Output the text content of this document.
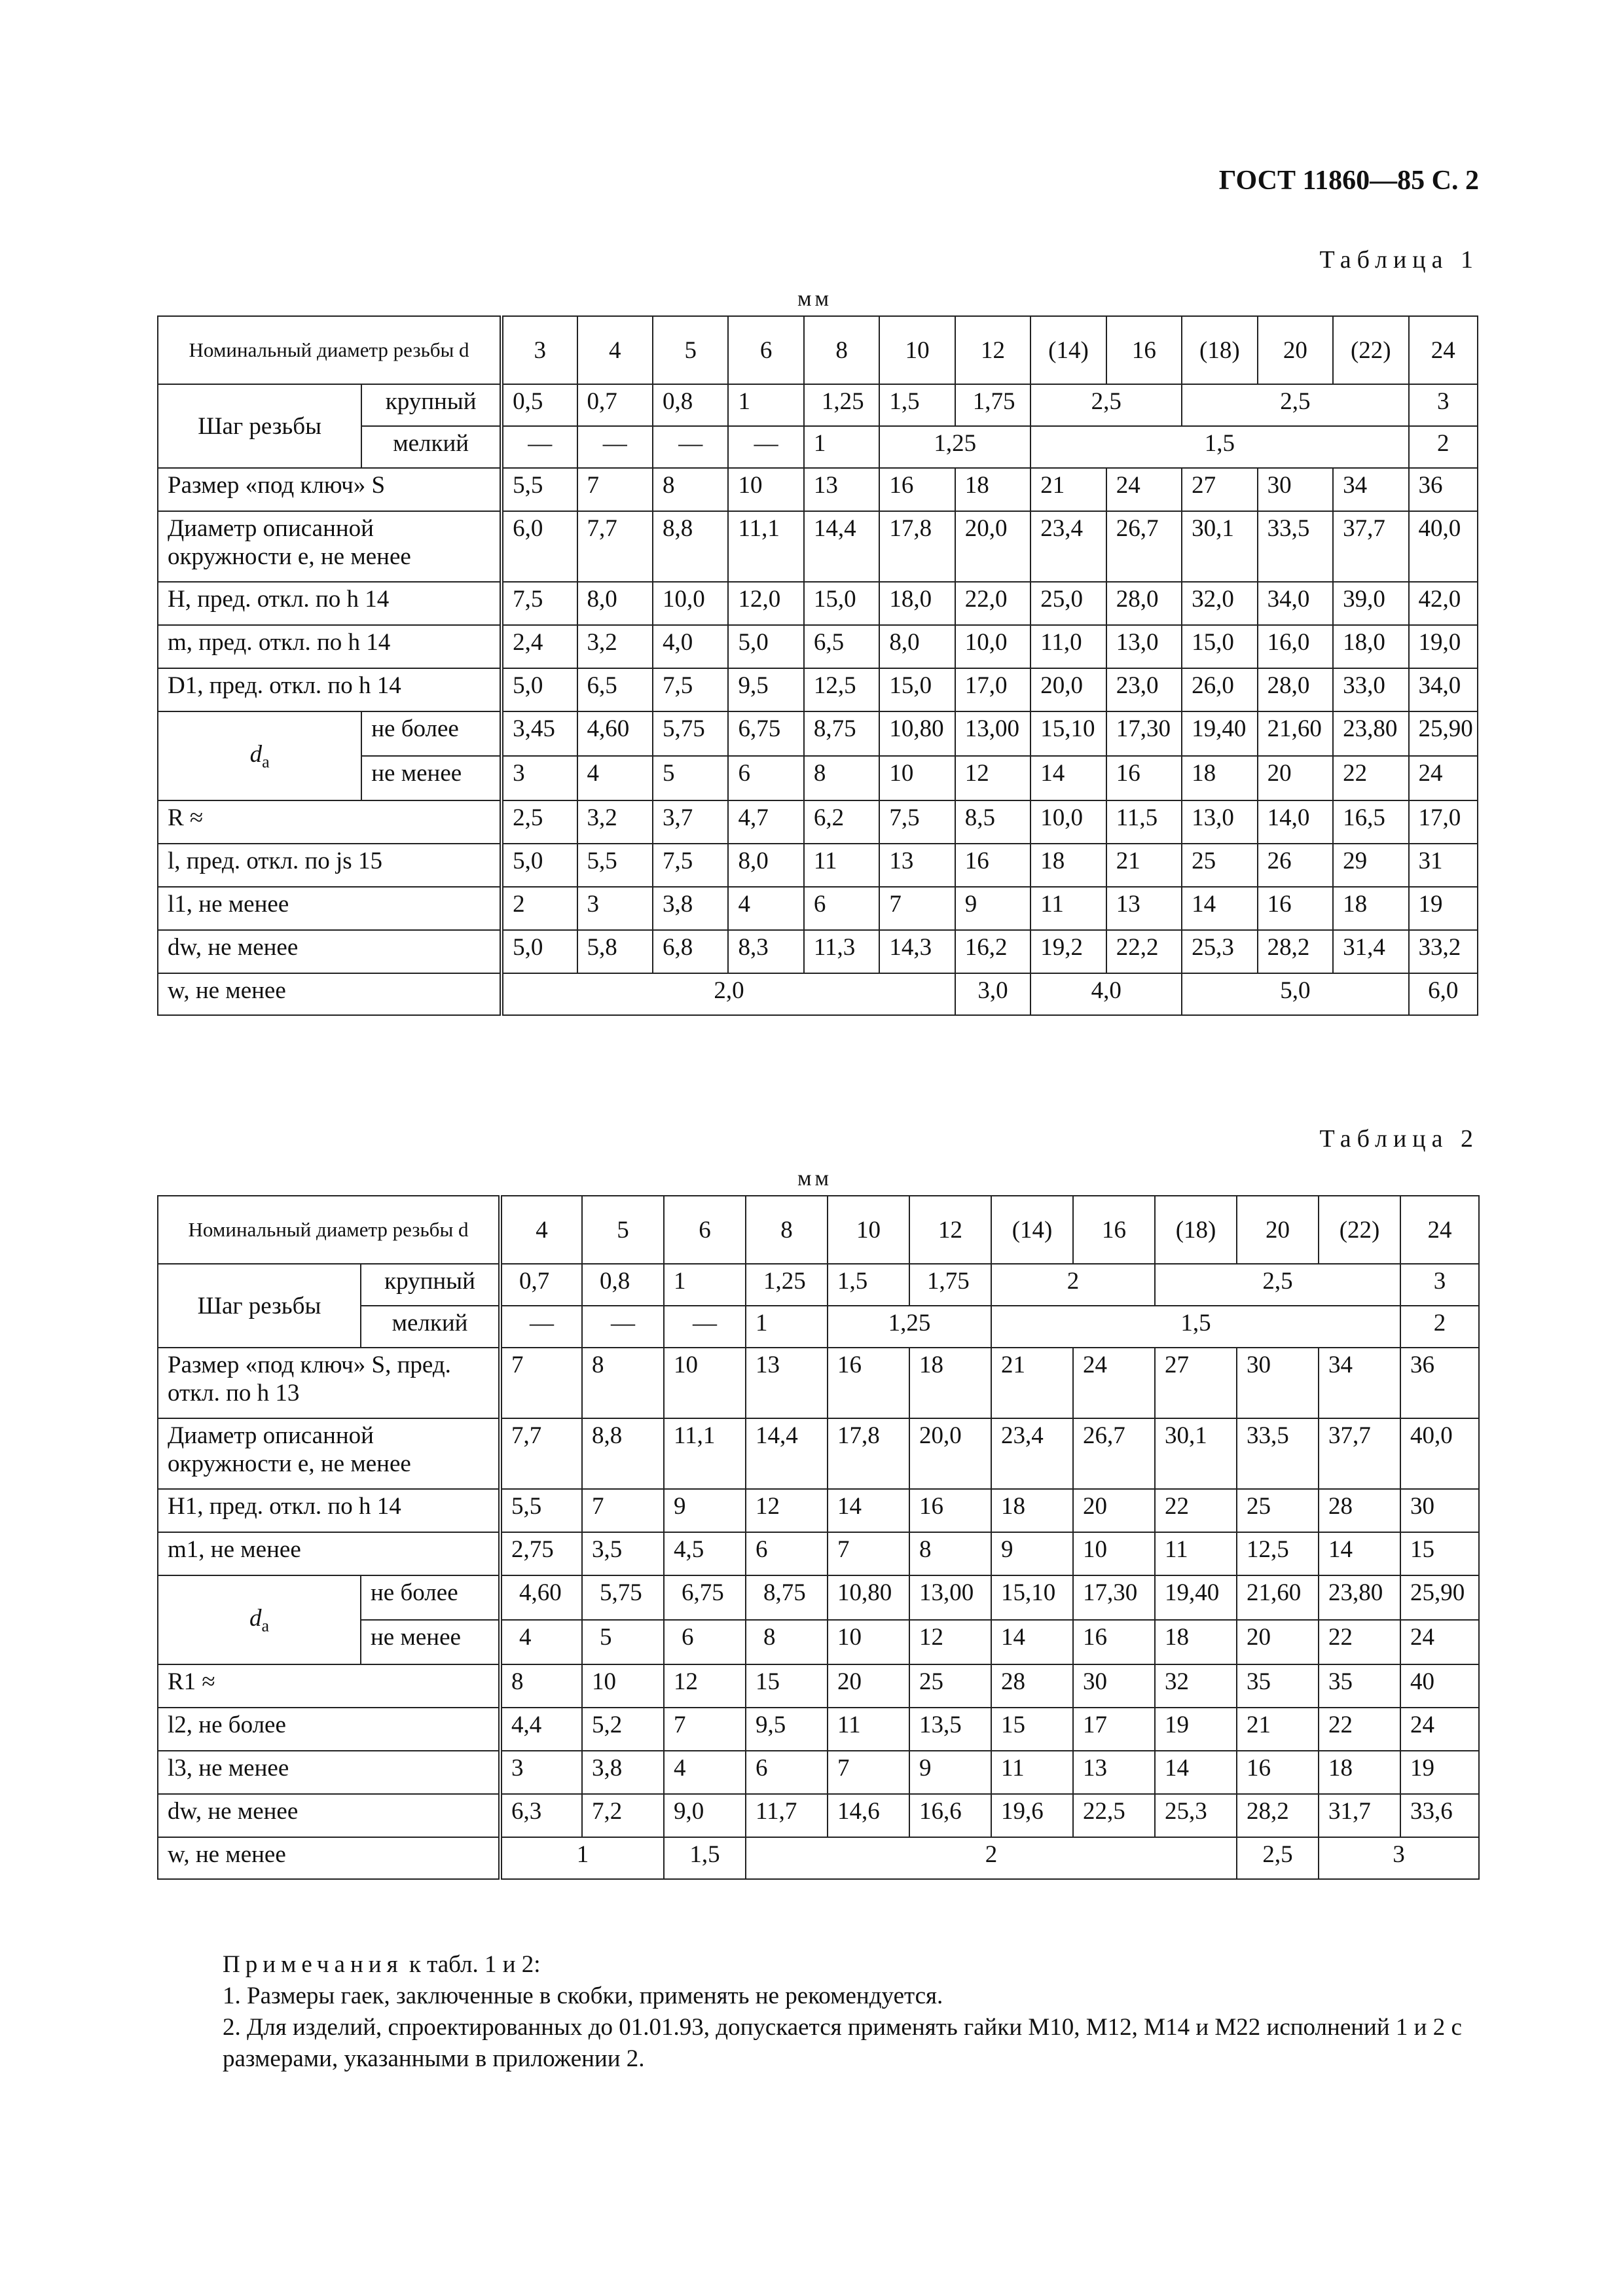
ГОСТ 11860—85 С. 2
Таблица 1
мм
Номинальный диаметр резьбы d		3	4	5	6	8	10	12	(14)	16	(18)	20	(22)	24
Шаг резьбы	крупный	0,5	0,7	0,8	1	1,25	1,5	1,75	2,5		2,5			3
	мелкий	—	—	—	—	1	1,25		1,5					2
Размер «под ключ» S		5,5	7	8	10	13	16	18	21	24	27	30	34	36
Диаметр описанной окружности e, не менее		6,0	7,7	8,8	11,1	14,4	17,8	20,0	23,4	26,7	30,1	33,5	37,7	40,0
H, пред. откл. по h 14		7,5	8,0	10,0	12,0	15,0	18,0	22,0	25,0	28,0	32,0	34,0	39,0	42,0
m, пред. откл. по h 14		2,4	3,2	4,0	5,0	6,5	8,0	10,0	11,0	13,0	15,0	16,0	18,0	19,0
D1, пред. откл. по h 14		5,0	6,5	7,5	9,5	12,5	15,0	17,0	20,0	23,0	26,0	28,0	33,0	34,0
$d_a$	не более	3,45	4,60	5,75	6,75	8,75	10,80	13,00	15,10	17,30	19,40	21,60	23,80	25,90
	не менее	3	4	5	6	8	10	12	14	16	18	20	22	24
R ≈		2,5	3,2	3,7	4,7	6,2	7,5	8,5	10,0	11,5	13,0	14,0	16,5	17,0
l, пред. откл. по js 15		5,0	5,5	7,5	8,0	11	13	16	18	21	25	26	29	31
l1, не менее		2	3	3,8	4	6	7	9	11	13	14	16	18	19
dw, не менее		5,0	5,8	6,8	8,3	11,3	14,3	16,2	19,2	22,2	25,3	28,2	31,4	33,2
w, не менее		2,0						3,0	4,0		5,0			6,0
Таблица 2
мм
Номинальный диаметр резьбы d		4	5	6	8	10	12	(14)	16	(18)	20	(22)	24
Шаг резьбы	крупный	0,7	0,8	1	1,25	1,5	1,75	2		2,5			3
	мелкий	—	—	—	1	1,25		1,5					2
Размер «под ключ» S, пред. откл. по h 13		7	8	10	13	16	18	21	24	27	30	34	36
Диаметр описанной окружности e, не менее		7,7	8,8	11,1	14,4	17,8	20,0	23,4	26,7	30,1	33,5	37,7	40,0
H1, пред. откл. по h 14		5,5	7	9	12	14	16	18	20	22	25	28	30
m1, не менее		2,75	3,5	4,5	6	7	8	9	10	11	12,5	14	15
$d_a$	не более	4,60	5,75	6,75	8,75	10,80	13,00	15,10	17,30	19,40	21,60	23,80	25,90
	не менее	4	5	6	8	10	12	14	16	18	20	22	24
R1 ≈		8	10	12	15	20	25	28	30	32	35	35	40
l2, не более		4,4	5,2	7	9,5	11	13,5	15	17	19	21	22	24
l3, не менее		3	3,8	4	6	7	9	11	13	14	16	18	19
dw, не менее		6,3	7,2	9,0	11,7	14,6	16,6	19,6	22,5	25,3	28,2	31,7	33,6
w, не менее		1		1,5	2						2,5	3	

Примечания к табл. 1 и 2:

1. Размеры гаек, заключенные в скобки, применять не рекомендуется.

2. Для изделий, спроектированных до 01.01.93, допускается применять гайки М10, М12, М14 и М22 исполнений 1 и 2 с размерами, указанными в приложении 2.
